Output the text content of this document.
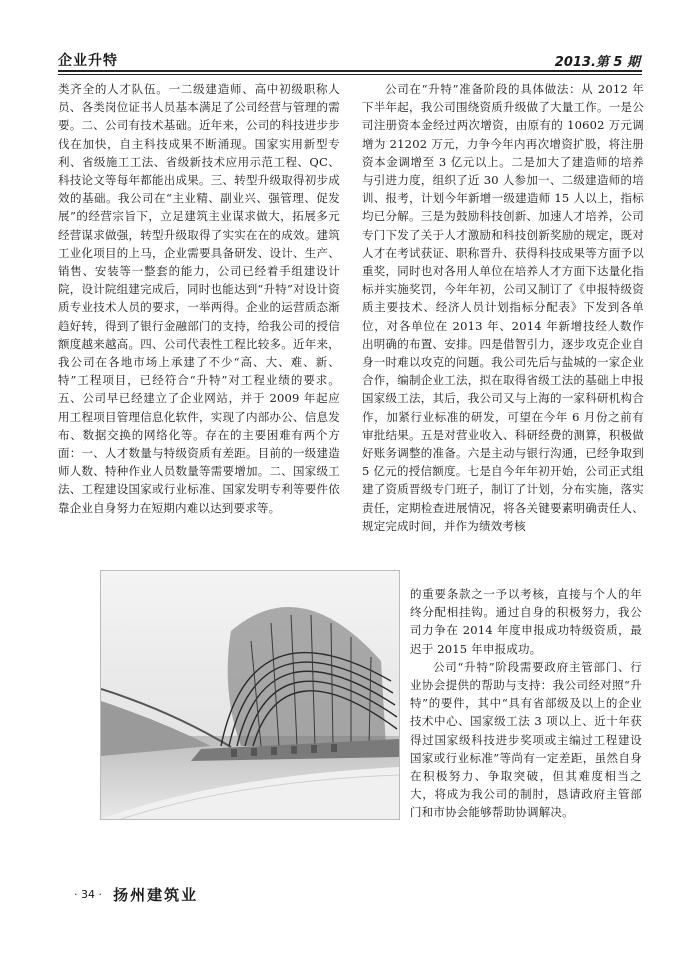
企业升特	2013.第 5 期

类齐全的人才队伍。一二级建造师、高中初级职称人员、各类岗位证书人员基本满足了公司经营与管理的需要。二、公司有技术基础。近年来，公司的科技进步步伐在加快，自主科技成果不断涌现。国家实用新型专利、省级施工工法、省级新技术应用示范工程、QC、科技论文等每年都能出成果。三、转型升级取得初步成效的基础。我公司在“主业精、副业兴、强管理、促发展”的经营宗旨下，立足建筑主业谋求做大，拓展多元经营谋求做强，转型升级取得了实实在在的成效。建筑工业化项目的上马，企业需要具备研发、设计、生产、销售、安装等一整套的能力，公司已经着手组建设计院，设计院组建完成后，同时也能达到“升特”对设计资质专业技术人员的要求，一举两得。企业的运营质态渐趋好转，得到了银行金融部门的支持，给我公司的授信额度越来越高。四、公司代表性工程比较多。近年来，我公司在各地市场上承建了不少“高、大、难、新、特”工程项目，已经符合“升特”对工程业绩的要求。五、公司早已经建立了企业网站，并于 2009 年起应用工程项目管理信息化软件，实现了内部办公、信息发布、数据交换的网络化等。存在的主要困难有两个方面：一、人才数量与特级资质有差距。目前的一级建造师人数、特种作业人员数量等需要增加。二、国家级工法、工程建设国家或行业标准、国家发明专利等要件依靠企业自身努力在短期内难以达到要求等。

公司在“升特”准备阶段的具体做法：从 2012 年下半年起，我公司围绕资质升级做了大量工作。一是公司注册资本金经过两次增资，由原有的 10602 万元调增为 21202 万元，力争今年内再次增资扩股，将注册资本金调增至 3 亿元以上。二是加大了建造师的培养与引进力度，组织了近 30 人参加一、二级建造师的培训、报考，计划今年新增一级建造师 15 人以上，指标均已分解。三是为鼓励科技创新、加速人才培养，公司专门下发了关于人才激励和科技创新奖励的规定，既对人才在考试获证、职称晋升、获得科技成果等方面予以重奖，同时也对各用人单位在培养人才方面下达量化指标并实施奖罚，今年年初，公司又制订了《申报特级资质主要技术、经济人员计划指标分配表》下发到各单位，对各单位在 2013 年、2014 年新增技经人数作出明确的布置、安排。四是借智引力，逐步攻克企业自身一时难以攻克的问题。我公司先后与盐城的一家企业合作，编制企业工法，拟在取得省级工法的基础上申报国家级工法，其后，我公司又与上海的一家科研机构合作，加紧行业标准的研发，可望在今年 6 月份之前有审批结果。五是对营业收入、科研经费的测算，积极做好账务调整的准备。六是主动与银行沟通，已经争取到 5 亿元的授信额度。七是自今年年初开始，公司正式组建了资质晋级专门班子，制订了计划，分布实施，落实责任，定期检查进展情况，将各关键要素明确责任人、规定完成时间，并作为绩效考核

的重要条款之一予以考核，直接与个人的年终分配相挂钩。通过自身的积极努力，我公司力争在 2014 年度申报成功特级资质，最迟于 2015 年申报成功。

公司“升特”阶段需要政府主管部门、行业协会提供的帮助与支持：我公司经对照“升特”的要件，其中“具有省部级及以上的企业技术中心、国家级工法 3 项以上、近十年获得过国家级科技进步奖项或主编过工程建设国家或行业标准”等尚有一定差距，虽然自身在积极努力、争取突破，但其难度相当之大，将成为我公司的制肘，恳请政府主管部门和市协会能够帮助协调解决。

· 34 · 扬州建筑业
